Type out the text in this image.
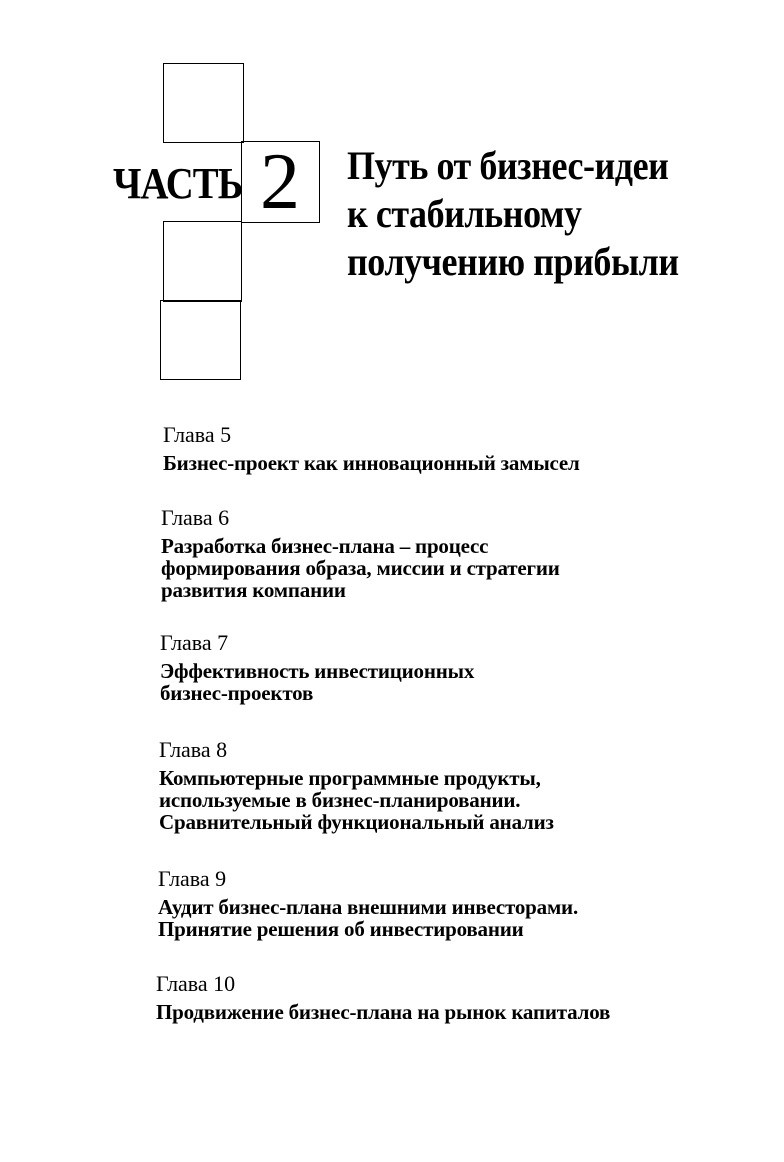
ЧАСТЬ 2	Путь от бизнес-идеи
к стабильному
получению прибыли
Глава 5
Бизнес-проект как инновационный замысел
Глава 6
Разработка бизнес-плана – процесс
формирования образа, миссии и стратегии
развития компании
Глава 7
Эффективность инвестиционных
бизнес-проектов
Глава 8
Компьютерные программные продукты,
используемые в бизнес-планировании.
Сравнительный функциональный анализ
Глава 9
Аудит бизнес-плана внешними инвесторами.
Принятие решения об инвестировании
Глава 10
Продвижение бизнес-плана на рынок капиталов
